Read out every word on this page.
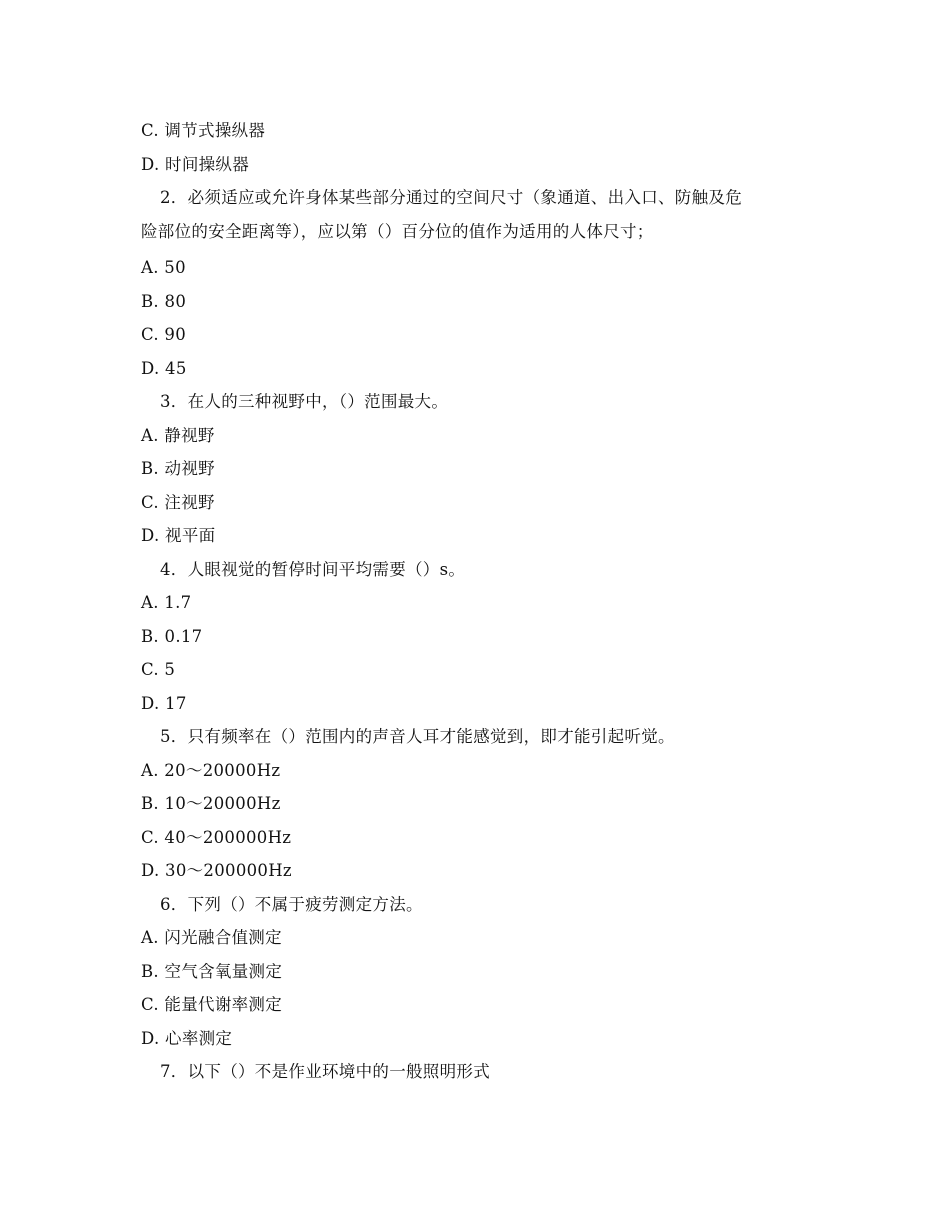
C. 调节式操纵器
D. 时间操纵器
2．必须适应或允许身体某些部分通过的空间尺寸（象通道、出入口、防触及危
险部位的安全距离等），应以第（）百分位的值作为适用的人体尺寸；
A. 50
B. 80
C. 90
D. 45
3．在人的三种视野中，（）范围最大。
A. 静视野
B. 动视野
C. 注视野
D. 视平面
4．人眼视觉的暂停时间平均需要（）s。
A. 1.7
B. 0.17
C. 5
D. 17
5．只有频率在（）范围内的声音人耳才能感觉到，即才能引起听觉。
A. 20～20000Hz
B. 10～20000Hz
C. 40～200000Hz
D. 30～200000Hz
6．下列（）不属于疲劳测定方法。
A. 闪光融合值测定
B. 空气含氧量测定
C. 能量代谢率测定
D. 心率测定
7．以下（）不是作业环境中的一般照明形式
